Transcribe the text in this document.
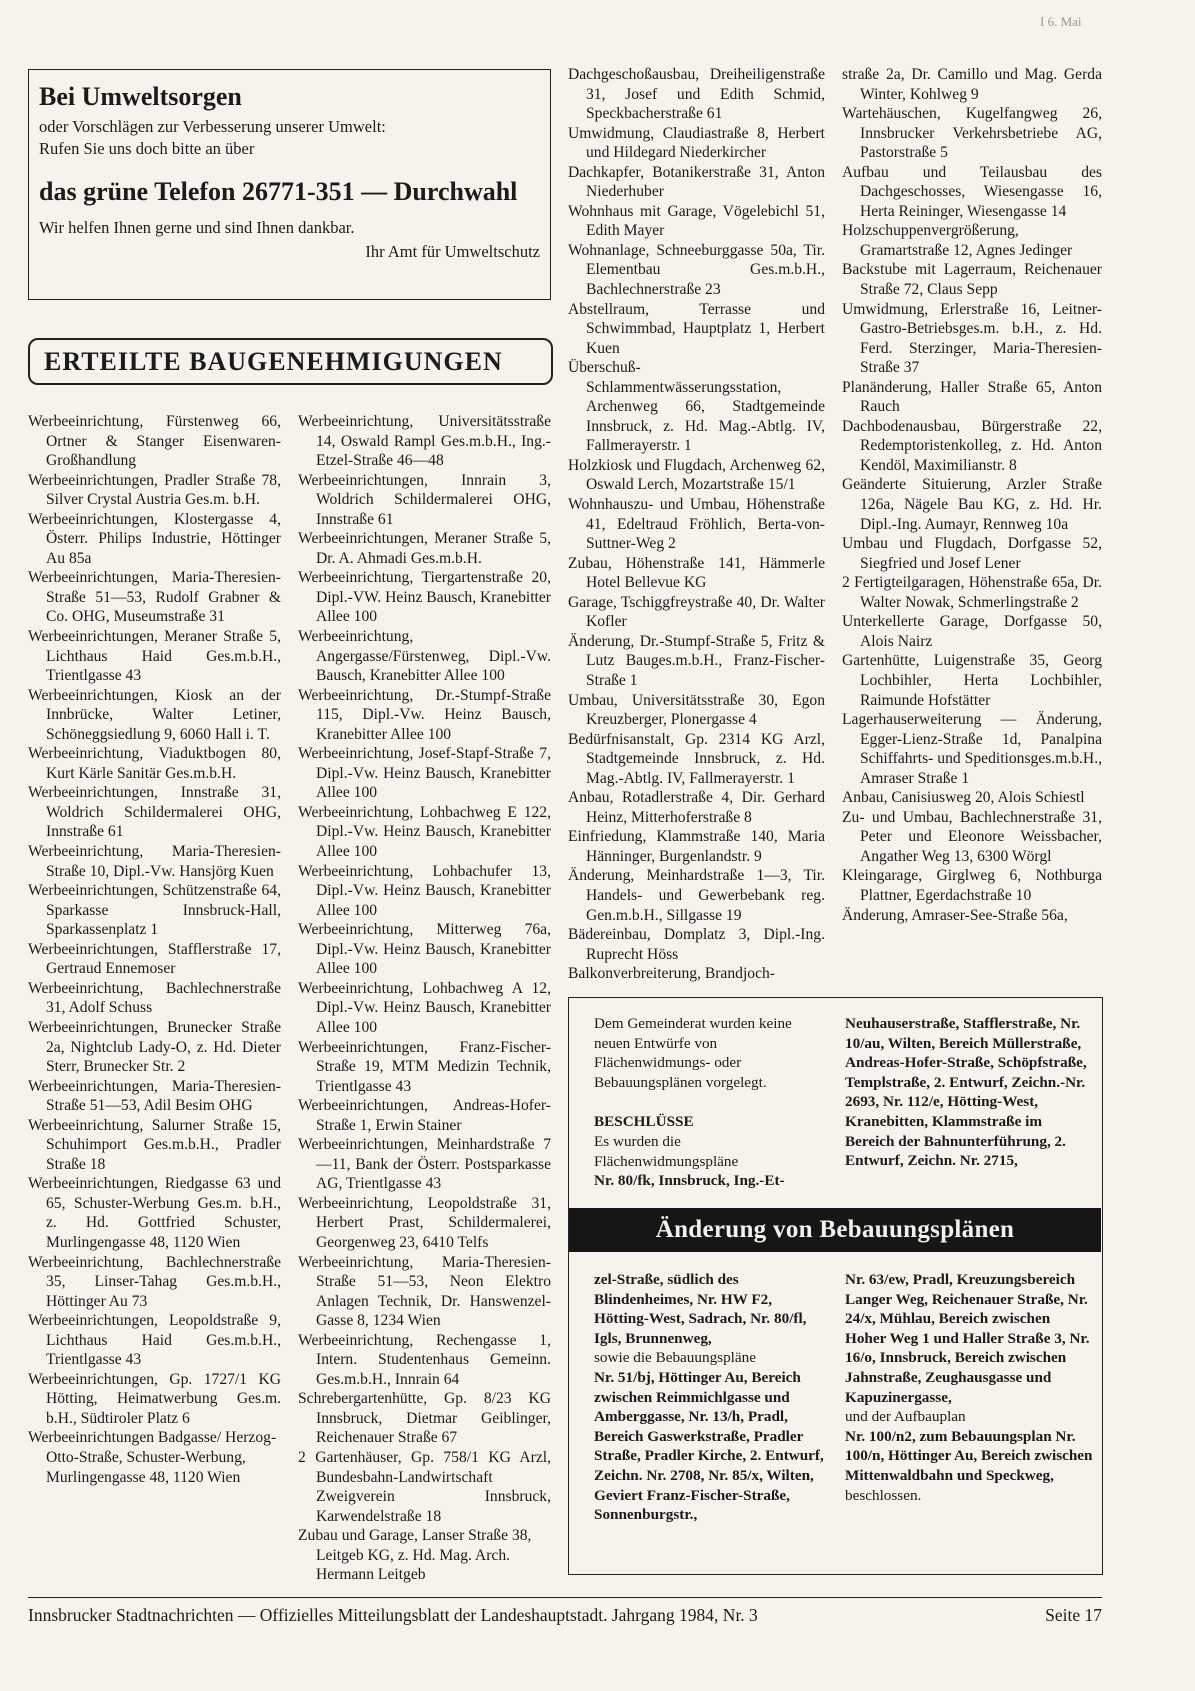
I 6. Mai
Bei Umweltsorgen
oder Vorschlägen zur Verbesserung unserer Umwelt:
Rufen Sie uns doch bitte an über
das grüne Telefon 26771-351 — Durchwahl
Wir helfen Ihnen gerne und sind Ihnen dankbar.
Ihr Amt für Umweltschutz
ERTEILTE BAUGENEHMIGUNGEN
Werbeeinrichtung, Fürstenweg 66, Ortner & Stanger Eisenwaren-Großhandlung
Werbeeinrichtungen, Pradler Straße 78, Silver Crystal Austria Ges.m. b.H.
Werbeeinrichtungen, Klostergasse 4, Österr. Philips Industrie, Höttinger Au 85a
Werbeeinrichtungen, Maria-Theresien-Straße 51—53, Rudolf Grabner & Co. OHG, Museumstraße 31
Werbeeinrichtungen, Meraner Straße 5, Lichthaus Haid Ges.m.b.H., Trientlgasse 43
Werbeeinrichtungen, Kiosk an der Innbrücke, Walter Letiner, Schöneggsiedlung 9, 6060 Hall i. T.
Werbeeinrichtung, Viaduktbogen 80, Kurt Kärle Sanitär Ges.m.b.H.
Werbeeinrichtungen, Innstraße 31, Woldrich Schildermalerei OHG, Innstraße 61
Werbeeinrichtung, Maria-Theresien-Straße 10, Dipl.-Vw. Hansjörg Kuen
Werbeeinrichtungen, Schützenstraße 64, Sparkasse Innsbruck-Hall, Sparkassenplatz 1
Werbeeinrichtungen, Stafflerstraße 17, Gertraud Ennemoser
Werbeeinrichtung, Bachlechnerstraße 31, Adolf Schuss
Werbeeinrichtungen, Brunecker Straße 2a, Nightclub Lady-O, z. Hd. Dieter Sterr, Brunecker Str. 2
Werbeeinrichtungen, Maria-Theresien-Straße 51—53, Adil Besim OHG
Werbeeinrichtung, Salurner Straße 15, Schuhimport Ges.m.b.H., Pradler Straße 18
Werbeeinrichtungen, Riedgasse 63 und 65, Schuster-Werbung Ges.m. b.H., z. Hd. Gottfried Schuster, Murlingengasse 48, 1120 Wien
Werbeeinrichtung, Bachlechnerstraße 35, Linser-Tahag Ges.m.b.H., Höttinger Au 73
Werbeeinrichtungen, Leopoldstraße 9, Lichthaus Haid Ges.m.b.H., Trientlgasse 43
Werbeeinrichtungen, Gp. 1727/1 KG Hötting, Heimatwerbung Ges.m. b.H., Südtiroler Platz 6
Werbeeinrichtungen Badgasse/ Herzog-Otto-Straße, Schuster-Werbung, Murlingengasse 48, 1120 Wien
Werbeeinrichtung, Universitätsstraße 14, Oswald Rampl Ges.m.b.H., Ing.-Etzel-Straße 46—48
Werbeeinrichtungen, Innrain 3, Woldrich Schildermalerei OHG, Innstraße 61
Werbeeinrichtungen, Meraner Straße 5, Dr. A. Ahmadi Ges.m.b.H.
Werbeeinrichtung, Tiergartenstraße 20, Dipl.-VW. Heinz Bausch, Kranebitter Allee 100
Werbeeinrichtung, Angergasse/Fürstenweg, Dipl.-Vw. Bausch, Kranebitter Allee 100
Werbeeinrichtung, Dr.-Stumpf-Straße 115, Dipl.-Vw. Heinz Bausch, Kranebitter Allee 100
Werbeeinrichtung, Josef-Stapf-Straße 7, Dipl.-Vw. Heinz Bausch, Kranebitter Allee 100
Werbeeinrichtung, Lohbachweg E 122, Dipl.-Vw. Heinz Bausch, Kranebitter Allee 100
Werbeeinrichtung, Lohbachufer 13, Dipl.-Vw. Heinz Bausch, Kranebitter Allee 100
Werbeeinrichtung, Mitterweg 76a, Dipl.-Vw. Heinz Bausch, Kranebitter Allee 100
Werbeeinrichtung, Lohbachweg A 12, Dipl.-Vw. Heinz Bausch, Kranebitter Allee 100
Werbeeinrichtungen, Franz-Fischer-Straße 19, MTM Medizin Technik, Trientlgasse 43
Werbeeinrichtungen, Andreas-Hofer-Straße 1, Erwin Stainer
Werbeeinrichtungen, Meinhardstraße 7—11, Bank der Österr. Postsparkasse AG, Trientlgasse 43
Werbeeinrichtung, Leopoldstraße 31, Herbert Prast, Schildermalerei, Georgenweg 23, 6410 Telfs
Werbeeinrichtung, Maria-Theresien-Straße 51—53, Neon Elektro Anlagen Technik, Dr. Hanswenzel-Gasse 8, 1234 Wien
Werbeeinrichtung, Rechengasse 1, Intern. Studentenhaus Gemeinn. Ges.m.b.H., Innrain 64
Schrebergartenhütte, Gp. 8/23 KG Innsbruck, Dietmar Geiblinger, Reichenauer Straße 67
2 Gartenhäuser, Gp. 758/1 KG Arzl, Bundesbahn-Landwirtschaft Zweigverein Innsbruck, Karwendelstraße 18
Zubau und Garage, Lanser Straße 38, Leitgeb KG, z. Hd. Mag. Arch. Hermann Leitgeb
Dachgeschoßausbau, Dreiheiligenstraße 31, Josef und Edith Schmid, Speckbacherstraße 61
Umwidmung, Claudiastraße 8, Herbert und Hildegard Niederkircher
Dachkapfer, Botanikerstraße 31, Anton Niederhuber
Wohnhaus mit Garage, Vögelebichl 51, Edith Mayer
Wohnanlage, Schneeburggasse 50a, Tir. Elementbau Ges.m.b.H., Bachlechnerstraße 23
Abstellraum, Terrasse und Schwimmbad, Hauptplatz 1, Herbert Kuen
Überschuß-Schlammentwässerungsstation, Archenweg 66, Stadtgemeinde Innsbruck, z. Hd. Mag.-Abtlg. IV, Fallmerayerstr. 1
Holzkiosk und Flugdach, Archenweg 62, Oswald Lerch, Mozartstraße 15/1
Wohnhauszu- und Umbau, Höhenstraße 41, Edeltraud Fröhlich, Berta-von-Suttner-Weg 2
Zubau, Höhenstraße 141, Hämmerle Hotel Bellevue KG
Garage, Tschiggfreystraße 40, Dr. Walter Kofler
Änderung, Dr.-Stumpf-Straße 5, Fritz & Lutz Bauges.m.b.H., Franz-Fischer-Straße 1
Umbau, Universitätsstraße 30, Egon Kreuzberger, Plonergasse 4
Bedürfnisanstalt, Gp. 2314 KG Arzl, Stadtgemeinde Innsbruck, z. Hd. Mag.-Abtlg. IV, Fallmerayerstr. 1
Anbau, Rotadlerstraße 4, Dir. Gerhard Heinz, Mitterhoferstraße 8
Einfriedung, Klammstraße 140, Maria Hänninger, Burgenlandstr. 9
Änderung, Meinhardstraße 1—3, Tir. Handels- und Gewerbebank reg. Gen.m.b.H., Sillgasse 19
Bädereinbau, Domplatz 3, Dipl.-Ing. Ruprecht Höss
Balkonverbreiterung, Brandjoch-
straße 2a, Dr. Camillo und Mag. Gerda Winter, Kohlweg 9
Wartehäuschen, Kugelfangweg 26, Innsbrucker Verkehrsbetriebe AG, Pastorstraße 5
Aufbau und Teilausbau des Dachgeschosses, Wiesengasse 16, Herta Reininger, Wiesengasse 14
Holzschuppenvergrößerung, Gramartstraße 12, Agnes Jedinger
Backstube mit Lagerraum, Reichenauer Straße 72, Claus Sepp
Umwidmung, Erlerstraße 16, Leitner-Gastro-Betriebsges.m. b.H., z. Hd. Ferd. Sterzinger, Maria-Theresien-Straße 37
Planänderung, Haller Straße 65, Anton Rauch
Dachbodenausbau, Bürgerstraße 22, Redemptoristenkolleg, z. Hd. Anton Kendöl, Maximilianstr. 8
Geänderte Situierung, Arzler Straße 126a, Nägele Bau KG, z. Hd. Hr. Dipl.-Ing. Aumayr, Rennweg 10a
Umbau und Flugdach, Dorfgasse 52, Siegfried und Josef Lener
2 Fertigteilgaragen, Höhenstraße 65a, Dr. Walter Nowak, Schmerlingstraße 2
Unterkellerte Garage, Dorfgasse 50, Alois Nairz
Gartenhütte, Luigenstraße 35, Georg Lochbihler, Herta Lochbihler, Raimunde Hofstätter
Lagerhauserweiterung — Änderung, Egger-Lienz-Straße 1d, Panalpina Schiffahrts- und Speditionsges.m.b.H., Amraser Straße 1
Anbau, Canisiusweg 20, Alois Schiestl
Zu- und Umbau, Bachlechnerstraße 31, Peter und Eleonore Weissbacher, Angather Weg 13, 6300 Wörgl
Kleingarage, Girglweg 6, Nothburga Plattner, Egerdachstraße 10
Änderung, Amraser-See-Straße 56a,
Dem Gemeinderat wurden keine neuen Entwürfe von Flächenwidmungs- oder Bebauungsplänen vorgelegt.
BESCHLÜSSE
Es wurden die Flächenwidmungspläne
Nr. 80/fk, Innsbruck, Ing.-Et-
Neuhauserstraße, Stafflerstraße, Nr. 10/au, Wilten, Bereich Müllerstraße, Andreas-Hofer-Straße, Schöpfstraße, Templstraße, 2. Entwurf, Zeichn.-Nr. 2693, Nr. 112/e, Hötting-West, Kranebitten, Klammstraße im Bereich der Bahnunterführung, 2. Entwurf, Zeichn. Nr. 2715,
Änderung von Bebauungsplänen
zel-Straße, südlich des Blindenheimes, Nr. HW F2, Hötting-West, Sadrach, Nr. 80/fl, Igls, Brunnenweg,
sowie die Bebauungspläne
Nr. 51/bj, Höttinger Au, Bereich zwischen Reimmichlgasse und Amberggasse, Nr. 13/h, Pradl, Bereich Gaswerkstraße, Pradler Straße, Pradler Kirche, 2. Entwurf, Zeichn. Nr. 2708, Nr. 85/x, Wilten, Geviert Franz-Fischer-Straße, Sonnenburgstr.,
Nr. 63/ew, Pradl, Kreuzungsbereich Langer Weg, Reichenauer Straße, Nr. 24/x, Mühlau, Bereich zwischen Hoher Weg 1 und Haller Straße 3, Nr. 16/o, Innsbruck, Bereich zwischen Jahnstraße, Zeughausgasse und Kapuzinergasse,
und der Aufbauplan
Nr. 100/n2, zum Bebauungsplan Nr. 100/n, Höttinger Au, Bereich zwischen Mittenwaldbahn und Speckweg,
beschlossen.
Innsbrucker Stadtnachrichten — Offizielles Mitteilungsblatt der Landeshauptstadt. Jahrgang 1984, Nr. 3	Seite 17
